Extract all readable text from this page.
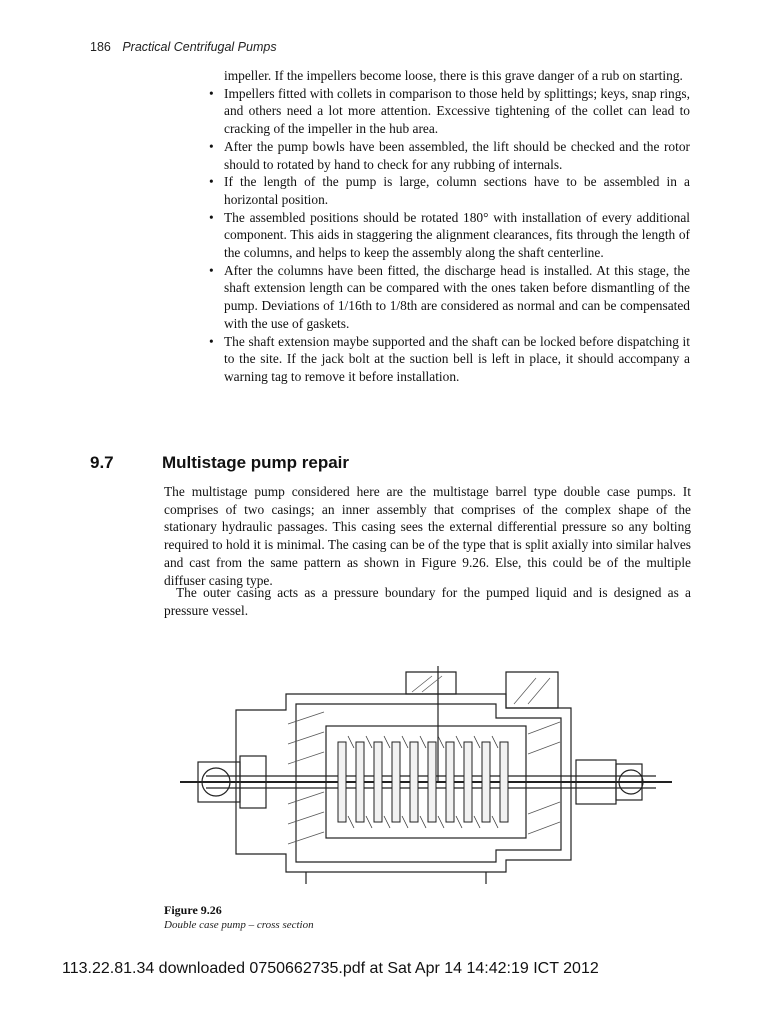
186 Practical Centrifugal Pumps
impeller. If the impellers become loose, there is this grave danger of a rub on starting.
• Impellers fitted with collets in comparison to those held by splittings; keys, snap rings, and others need a lot more attention. Excessive tightening of the collet can lead to cracking of the impeller in the hub area.
• After the pump bowls have been assembled, the lift should be checked and the rotor should to rotated by hand to check for any rubbing of internals.
• If the length of the pump is large, column sections have to be assembled in a horizontal position.
• The assembled positions should be rotated 180° with installation of every additional component. This aids in staggering the alignment clearances, fits through the length of the columns, and helps to keep the assembly along the shaft centerline.
• After the columns have been fitted, the discharge head is installed. At this stage, the shaft extension length can be compared with the ones taken before dismantling of the pump. Deviations of 1/16th to 1/8th are considered as normal and can be compensated with the use of gaskets.
• The shaft extension maybe supported and the shaft can be locked before dispatching it to the site. If the jack bolt at the suction bell is left in place, it should accompany a warning tag to remove it before installation.
9.7	Multistage pump repair

The multistage pump considered here are the multistage barrel type double case pumps. It comprises of two casings; an inner assembly that comprises of the complex shape of the stationary hydraulic passages. This casing sees the external differential pressure so any bolting required to hold it is minimal. The casing can be of the type that is split axially into similar halves and cast from the same pattern as shown in Figure 9.26. Else, this could be of the multiple diffuser casing type.

The outer casing acts as a pressure boundary for the pumped liquid and is designed as a pressure vessel.

Figure 9.26
Double case pump – cross section
113.22.81.34 downloaded 0750662735.pdf at Sat Apr 14 14:42:19 ICT 2012
